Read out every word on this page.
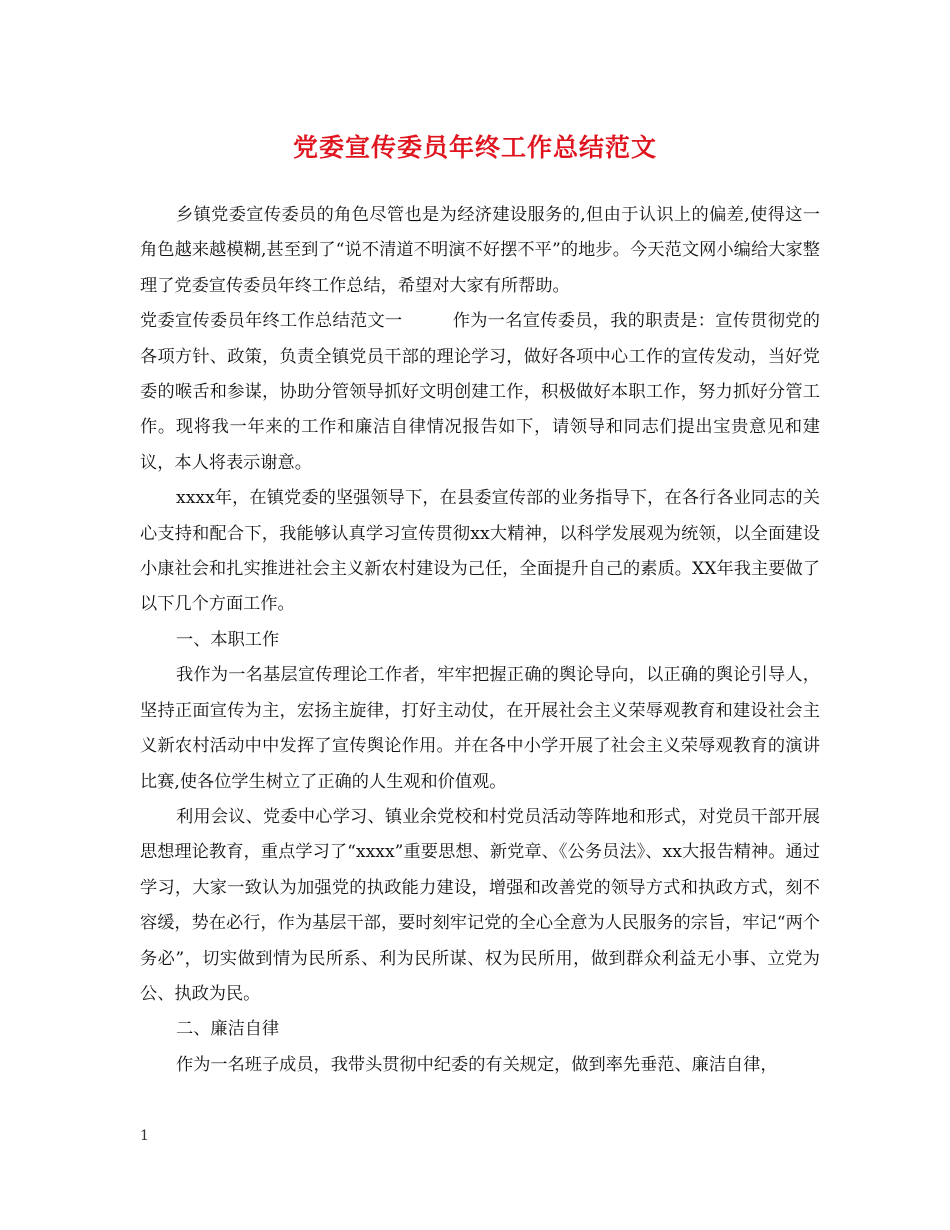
党委宣传委员年终工作总结范文

乡镇党委宣传委员的角色尽管也是为经济建设服务的,但由于认识上的偏差,使得这一角色越来越模糊,甚至到了“说不清道不明演不好摆不平”的地步。今天范文网小编给大家整理了党委宣传委员年终工作总结，希望对大家有所帮助。

党委宣传委员年终工作总结范文一	作为一名宣传委员，我的职责是：宣传贯彻党的各项方针、政策，负责全镇党员干部的理论学习，做好各项中心工作的宣传发动，当好党委的喉舌和参谋，协助分管领导抓好文明创建工作，积极做好本职工作，努力抓好分管工作。现将我一年来的工作和廉洁自律情况报告如下，请领导和同志们提出宝贵意见和建议，本人将表示谢意。

xxxx年，在镇党委的坚强领导下，在县委宣传部的业务指导下，在各行各业同志的关心支持和配合下，我能够认真学习宣传贯彻xx大精神，以科学发展观为统领，以全面建设小康社会和扎实推进社会主义新农村建设为己任，全面提升自己的素质。XX年我主要做了以下几个方面工作。

一、本职工作

我作为一名基层宣传理论工作者，牢牢把握正确的舆论导向，以正确的舆论引导人，坚持正面宣传为主，宏扬主旋律，打好主动仗，在开展社会主义荣辱观教育和建设社会主义新农村活动中中发挥了宣传舆论作用。并在各中小学开展了社会主义荣辱观教育的演讲比赛,使各位学生树立了正确的人生观和价值观。

利用会议、党委中心学习、镇业余党校和村党员活动等阵地和形式，对党员干部开展思想理论教育，重点学习了“xxxx”重要思想、新党章、《公务员法》、xx大报告精神。通过学习，大家一致认为加强党的执政能力建设，增强和改善党的领导方式和执政方式，刻不容缓，势在必行，作为基层干部，要时刻牢记党的全心全意为人民服务的宗旨，牢记“两个务必”，切实做到情为民所系、利为民所谋、权为民所用，做到群众利益无小事、立党为公、执政为民。

二、廉洁自律

作为一名班子成员，我带头贯彻中纪委的有关规定，做到率先垂范、廉洁自律，

1
